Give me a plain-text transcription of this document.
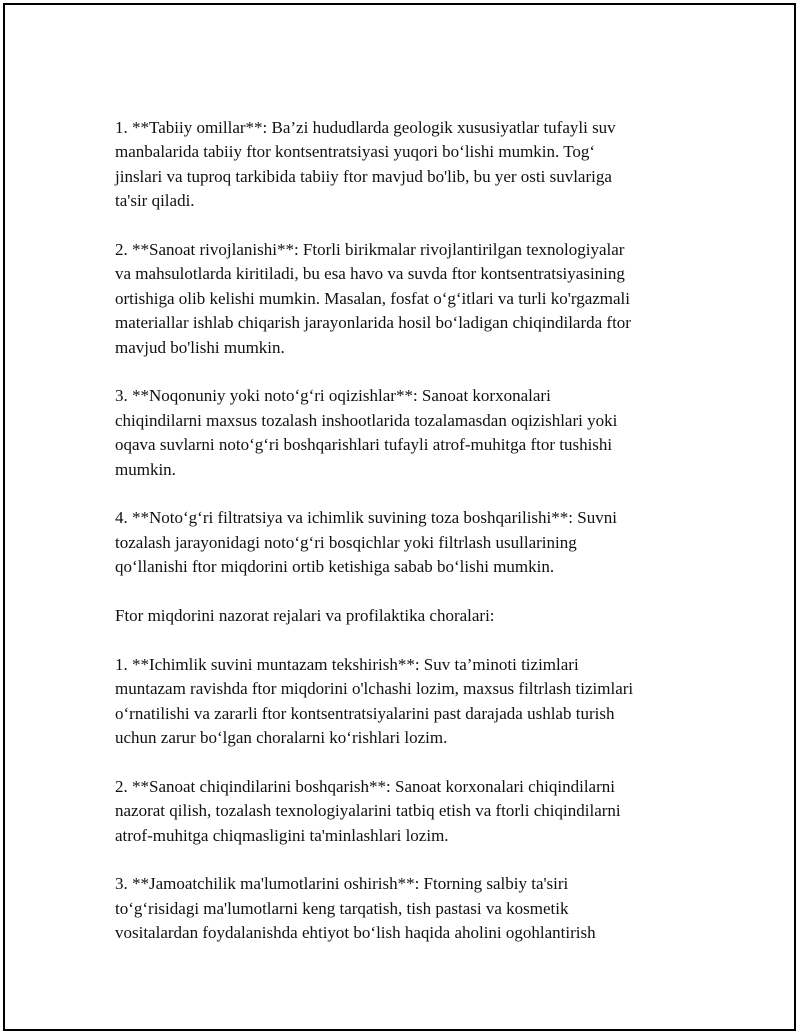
1. **Tabiiy omillar**: Ba’zi hududlarda geologik xususiyatlar tufayli suv
manbalarida tabiiy ftor kontsentratsiyasi yuqori bo‘lishi mumkin. Tog‘
jinslari va tuproq tarkibida tabiiy ftor mavjud bo'lib, bu yer osti suvlariga
ta'sir qiladi.

2. **Sanoat rivojlanishi**: Ftorli birikmalar rivojlantirilgan texnologiyalar
va mahsulotlarda kiritiladi, bu esa havo va suvda ftor kontsentratsiyasining
ortishiga olib kelishi mumkin. Masalan, fosfat o‘g‘itlari va turli ko'rgazmali
materiallar ishlab chiqarish jarayonlarida hosil bo‘ladigan chiqindilarda ftor
mavjud bo'lishi mumkin.

3. **Noqonuniy yoki noto‘g‘ri oqizishlar**: Sanoat korxonalari
chiqindilarni maxsus tozalash inshootlarida tozalamasdan oqizishlari yoki
oqava suvlarni noto‘g‘ri boshqarishlari tufayli atrof-muhitga ftor tushishi
mumkin.

4. **Noto‘g‘ri filtratsiya va ichimlik suvining toza boshqarilishi**: Suvni
tozalash jarayonidagi noto‘g‘ri bosqichlar yoki filtrlash usullarining
qo‘llanishi ftor miqdorini ortib ketishiga sabab bo‘lishi mumkin.

Ftor miqdorini nazorat rejalari va profilaktika choralari:

1. **Ichimlik suvini muntazam tekshirish**: Suv ta’minoti tizimlari
muntazam ravishda ftor miqdorini o'lchashi lozim, maxsus filtrlash tizimlari
o‘rnatilishi va zararli ftor kontsentratsiyalarini past darajada ushlab turish
uchun zarur bo‘lgan choralarni ko‘rishlari lozim.

2. **Sanoat chiqindilarini boshqarish**: Sanoat korxonalari chiqindilarni
nazorat qilish, tozalash texnologiyalarini tatbiq etish va ftorli chiqindilarni
atrof-muhitga chiqmasligini ta'minlashlari lozim.

3. **Jamoatchilik ma'lumotlarini oshirish**: Ftorning salbiy ta'siri
to‘g‘risidagi ma'lumotlarni keng tarqatish, tish pastasi va kosmetik
vositalardan foydalanishda ehtiyot bo‘lish haqida aholini ogohlantirish
